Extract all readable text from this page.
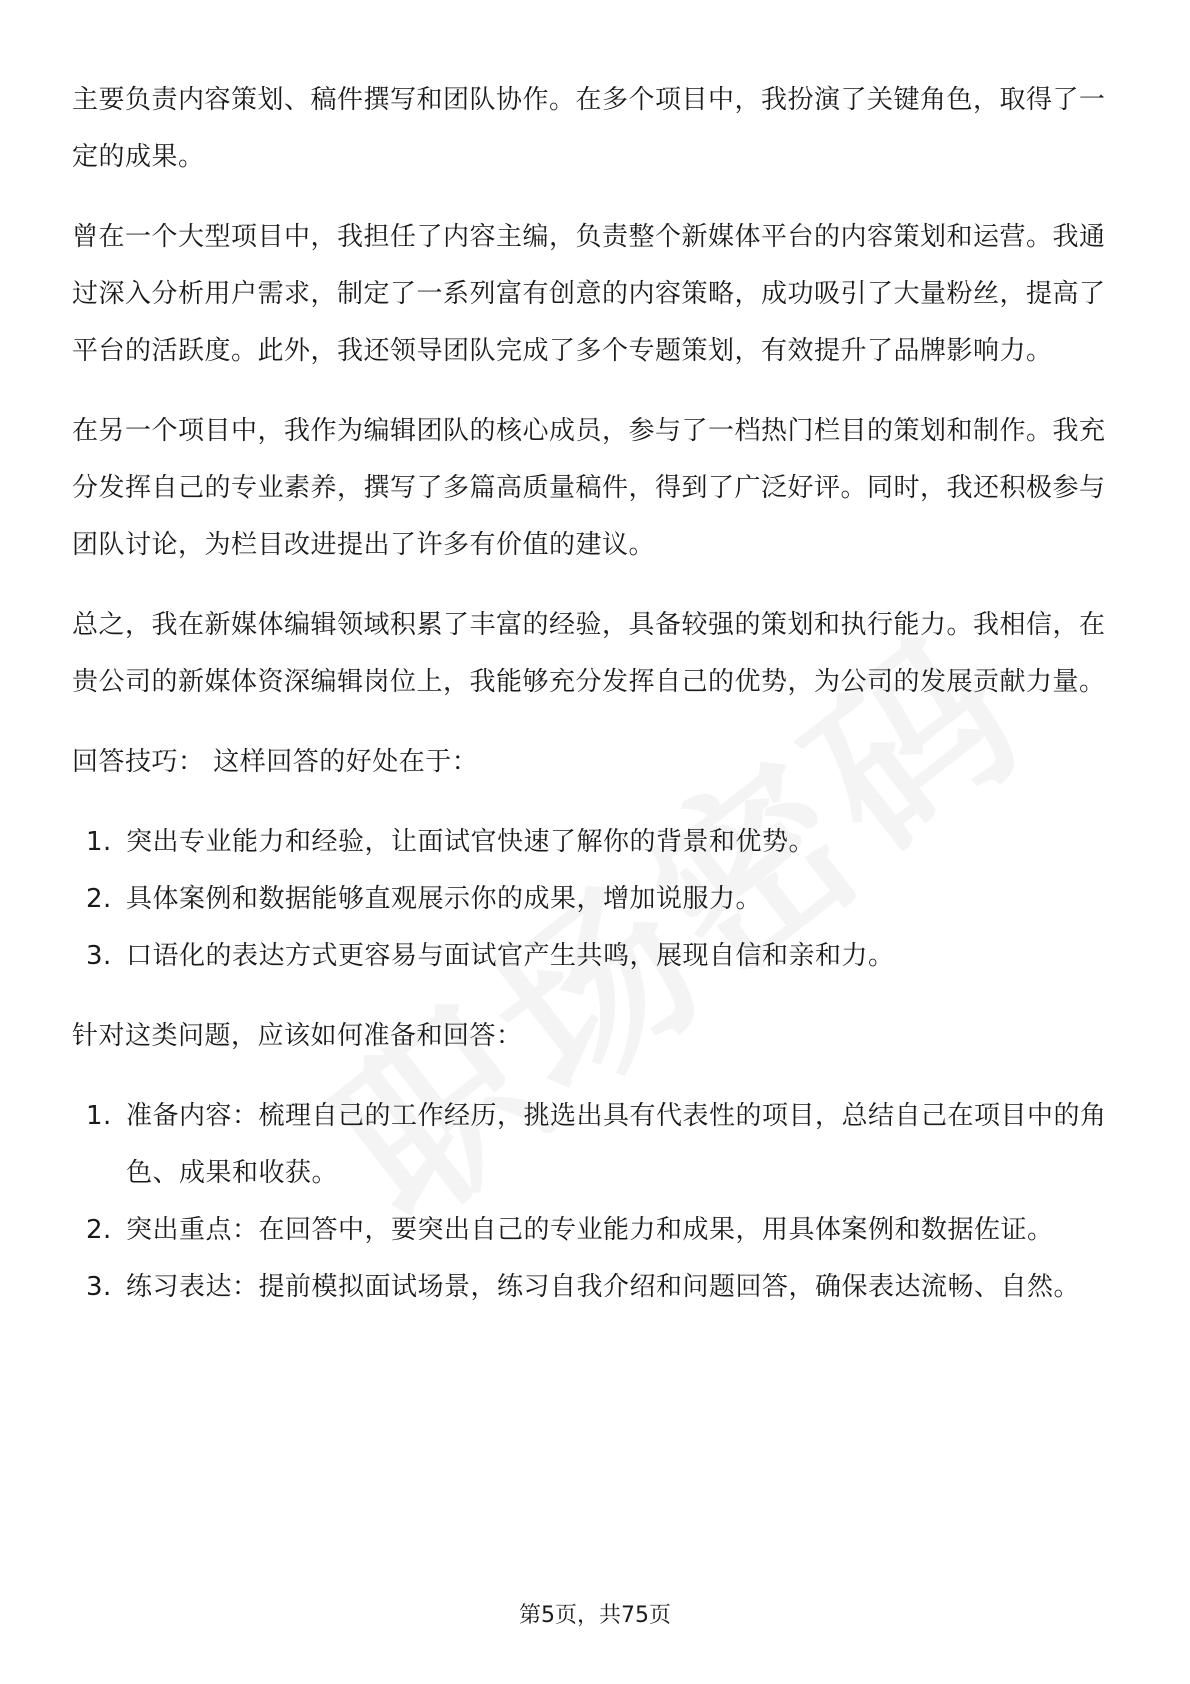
主要负责内容策划、稿件撰写和团队协作。在多个项目中，我扮演了关键角色，取得了一定的成果。

曾在一个大型项目中，我担任了内容主编，负责整个新媒体平台的内容策划和运营。我通过深入分析用户需求，制定了一系列富有创意的内容策略，成功吸引了大量粉丝，提高了平台的活跃度。此外，我还领导团队完成了多个专题策划，有效提升了品牌影响力。

在另一个项目中，我作为编辑团队的核心成员，参与了一档热门栏目的策划和制作。我充分发挥自己的专业素养，撰写了多篇高质量稿件，得到了广泛好评。同时，我还积极参与团队讨论，为栏目改进提出了许多有价值的建议。

总之，我在新媒体编辑领域积累了丰富的经验，具备较强的策划和执行能力。我相信，在贵公司的新媒体资深编辑岗位上，我能够充分发挥自己的优势，为公司的发展贡献力量。

回答技巧： 这样回答的好处在于：

1. 突出专业能力和经验，让面试官快速了解你的背景和优势。
2. 具体案例和数据能够直观展示你的成果，增加说服力。
3. 口语化的表达方式更容易与面试官产生共鸣，展现自信和亲和力。

针对这类问题，应该如何准备和回答：

1. 准备内容：梳理自己的工作经历，挑选出具有代表性的项目，总结自己在项目中的角色、成果和收获。
2. 突出重点：在回答中，要突出自己的专业能力和成果，用具体案例和数据佐证。
3. 练习表达：提前模拟面试场景，练习自我介绍和问题回答，确保表达流畅、自然。
第5页，共75页
